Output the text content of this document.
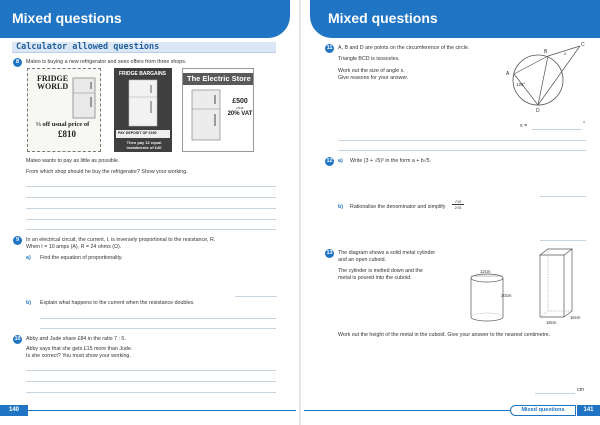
Mixed questions
Calculator allowed questions
8	Mateo is buying a new refrigerator and sees offers from three shops.
FRIDGE
WORLD
⅓ off usual price of
£810
FRIDGE BARGAINS
PAY DEPOSIT OF £150
Then pay 12 equal instalments of £40
The Electric Store
£500
plus
20% VAT
Mateo wants to pay as little as possible.
From which shop should he buy the refrigerator? Show your working.
9	In an electrical circuit, the current, I, is inversely proportional to the resistance, R.
When I = 10 amps (A), R = 24 ohms (Ω).
a) Find the equation of proportionality.
b) Explain what happens to the current when the resistance doubles.
10 Abby and Jude share £84 in the ratio 7 : 5.
Abby says that she gets £15 more than Jude.
Is she correct? You must show your working.
140
Mixed questions
11	A, B and D are points on the circumference of the circle.
Triangle BCD is isosceles.
Work out the size of angle x.
Give reasons for your answer.
A
B
C
D
x
128°
x =	°
12 a) Write (3 + √5)² in the form a + b√5.
b) Rationalise the denominator and simplify $\frac{√10}{2√5}$
13 The diagram shows a solid metal cylinder
and an open cuboid.
The cylinder is melted down and the
metal is poured into the cuboid.
12cm
30cm
18cm
16cm
Work out the height of the metal in the cuboid. Give your answer to the nearest centimetre.
cm
Mixed questions	141
